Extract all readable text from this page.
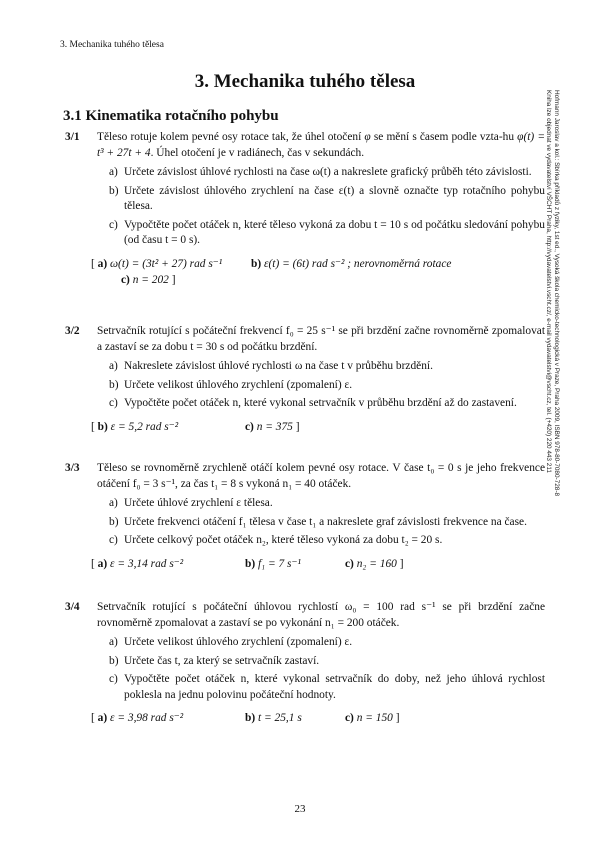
3. Mechanika tuhého tělesa
Hofmann Jaroslav a kol.: Sbírka příkladů z fyziky, 1st ed., Vysoká škola chemicko-technologická v Praze, Praha 2009, ISBN 978-80-7080-728-8
Kniha lze objednat ve vydavatelství VŠCHT Praha, http://vydavatelstvi.vscht.cz/, e-mail vydavatelstvi@vscht.cz, tel. (+420) 220 443 211
3. Mechanika tuhého tělesa
3.1 Kinematika rotačního pohybu
3/1 Těleso rotuje kolem pevné osy rotace tak, že úhel otočení φ se mění s časem podle vzta-hu φ(t) = t³ + 27t + 4. Úhel otočení je v radiánech, čas v sekundách.
a) Určete závislost úhlové rychlosti na čase ω(t) a nakreslete grafický průběh této závislosti.
b) Určete závislost úhlového zrychlení na čase ε(t) a slovně označte typ rotačního pohybu tělesa.
c) Vypočtěte počet otáček n, které těleso vykoná za dobu t = 10 s od počátku sledování pohybu (od času t = 0 s).
[ a) ω(t) = (3t² + 27) rad s⁻¹	b) ε(t) = (6t) rad s⁻² ; nerovnoměrná rotace
c) n = 202 ]
3/2 Setrvačník rotující s počáteční frekvencí f₀ = 25 s⁻¹ se při brzdění začne rovnoměrně zpomalovat a zastaví se za dobu t = 30 s od počátku brzdění.
a) Nakreslete závislost úhlové rychlosti ω na čase t v průběhu brzdění.
b) Určete velikost úhlového zrychlení (zpomalení) ε.
c) Vypočtěte počet otáček n, které vykonal setrvačník v průběhu brzdění až do zastavení.
[ b) ε = 5,2 rad s⁻²	c) n = 375 ]
3/3 Těleso se rovnoměrně zrychleně otáčí kolem pevné osy rotace. V čase t₀ = 0 s je jeho frekvence otáčení f₀ = 3 s⁻¹, za čas t₁ = 8 s vykoná n₁ = 40 otáček.
a) Určete úhlové zrychlení ε tělesa.
b) Určete frekvenci otáčení f₁ tělesa v čase t₁ a nakreslete graf závislosti frekvence na čase.
c) Určete celkový počet otáček n₂, které těleso vykoná za dobu t₂ = 20 s.
[ a) ε = 3,14 rad s⁻²	b) f₁ = 7 s⁻¹	c) n₂ = 160 ]
3/4 Setrvačník rotující s počáteční úhlovou rychlostí ω₀ = 100 rad s⁻¹ se při brzdění začne rovnoměrně zpomalovat a zastaví se po vykonání n₁ = 200 otáček.
a) Určete velikost úhlového zrychlení (zpomalení) ε.
b) Určete čas t, za který se setrvačník zastaví.
c) Vypočtěte počet otáček n, které vykonal setrvačník do doby, než jeho úhlová rychlost poklesla na jednu polovinu počáteční hodnoty.
[ a) ε = 3,98 rad s⁻²	b) t = 25,1 s	c) n = 150 ]
23
